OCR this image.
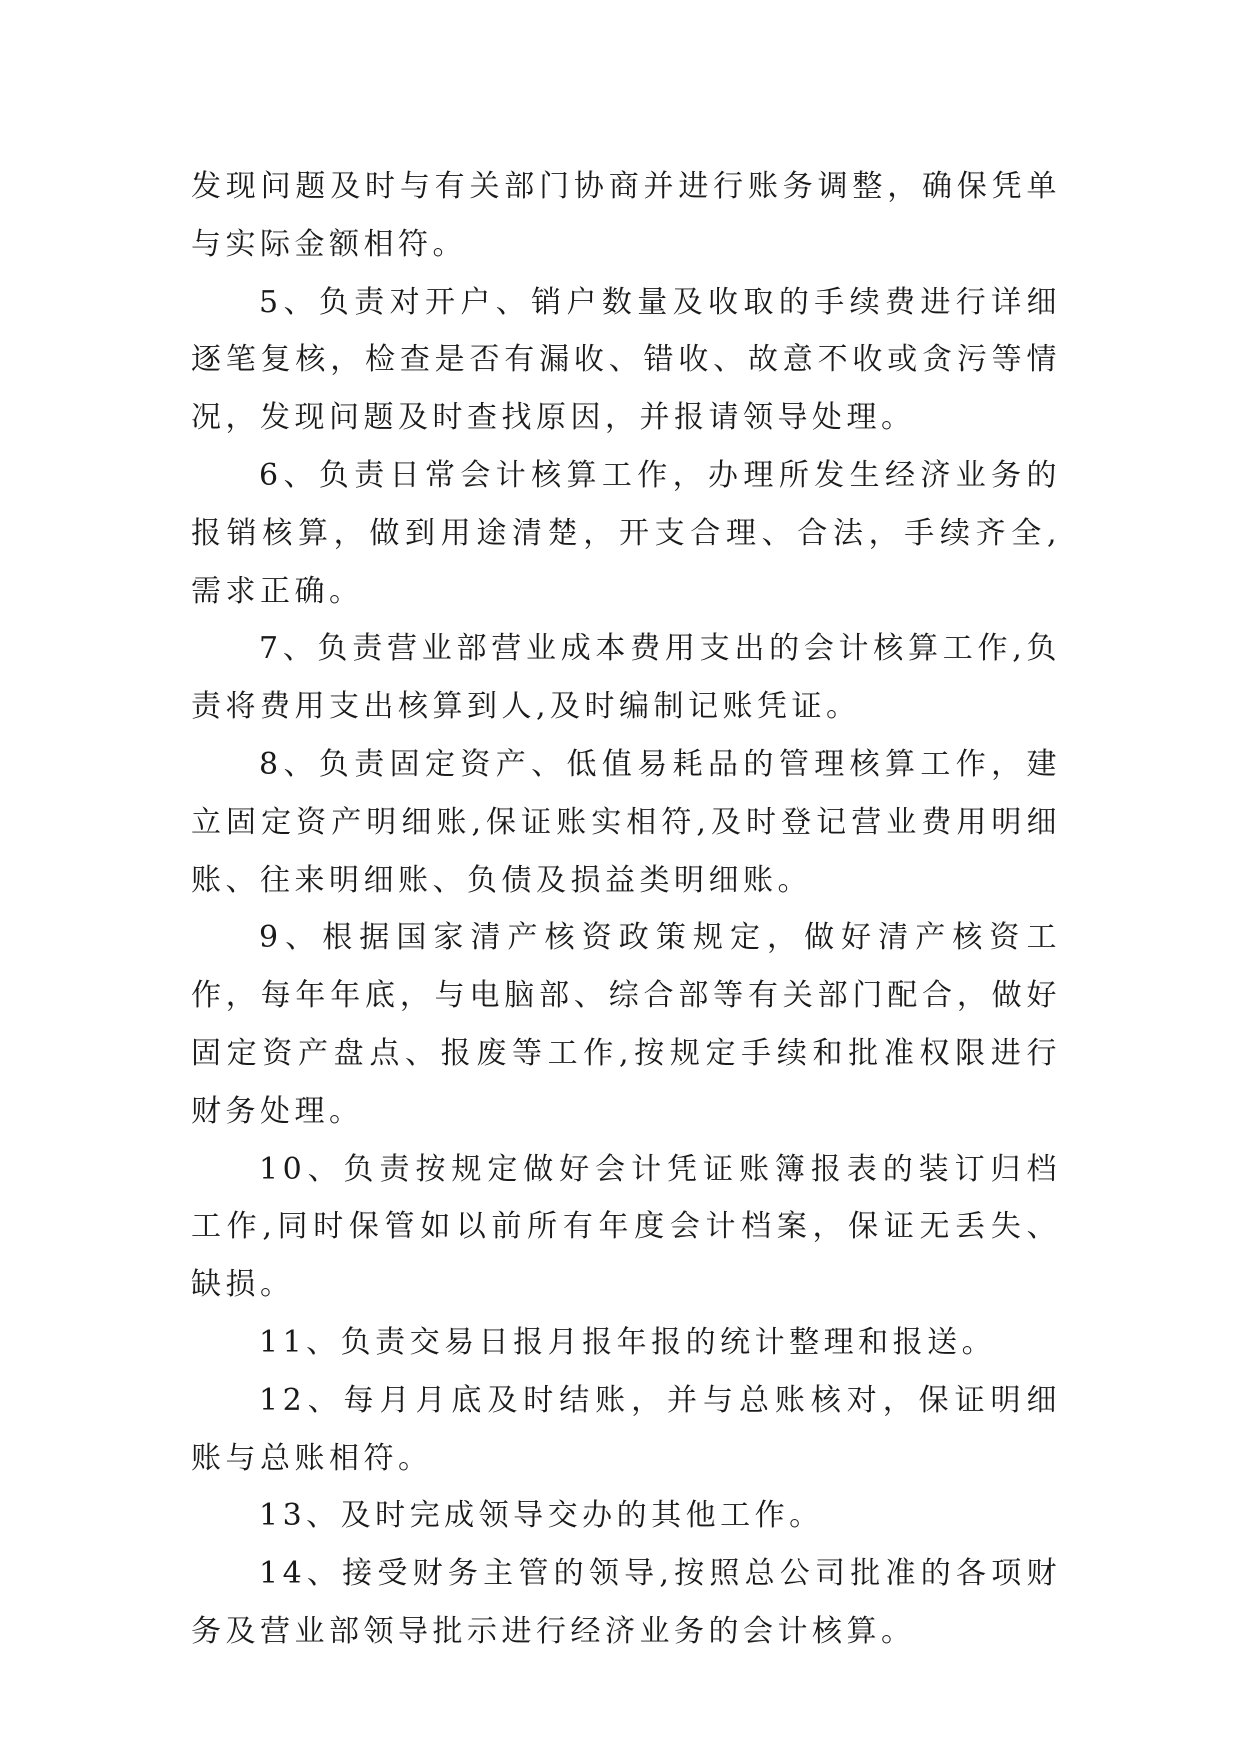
发现问题及时与有关部门协商并进行账务调整，确保凭单与实际金额相符。

5、负责对开户、销户数量及收取的手续费进行详细逐笔复核，检查是否有漏收、错收、故意不收或贪污等情况，发现问题及时查找原因，并报请领导处理。

6、负责日常会计核算工作，办理所发生经济业务的报销核算，做到用途清楚，开支合理、合法，手续齐全,需求正确。

7、负责营业部营业成本费用支出的会计核算工作,负责将费用支出核算到人,及时编制记账凭证。

8、负责固定资产、低值易耗品的管理核算工作，建立固定资产明细账,保证账实相符,及时登记营业费用明细账、往来明细账、负债及损益类明细账。

9、根据国家清产核资政策规定，做好清产核资工作，每年年底，与电脑部、综合部等有关部门配合，做好固定资产盘点、报废等工作,按规定手续和批准权限进行财务处理。

10、负责按规定做好会计凭证账簿报表的装订归档工作,同时保管如以前所有年度会计档案，保证无丢失、缺损。

11、负责交易日报月报年报的统计整理和报送。

12、每月月底及时结账，并与总账核对，保证明细账与总账相符。

13、及时完成领导交办的其他工作。

14、接受财务主管的领导,按照总公司批准的各项财务及营业部领导批示进行经济业务的会计核算。
